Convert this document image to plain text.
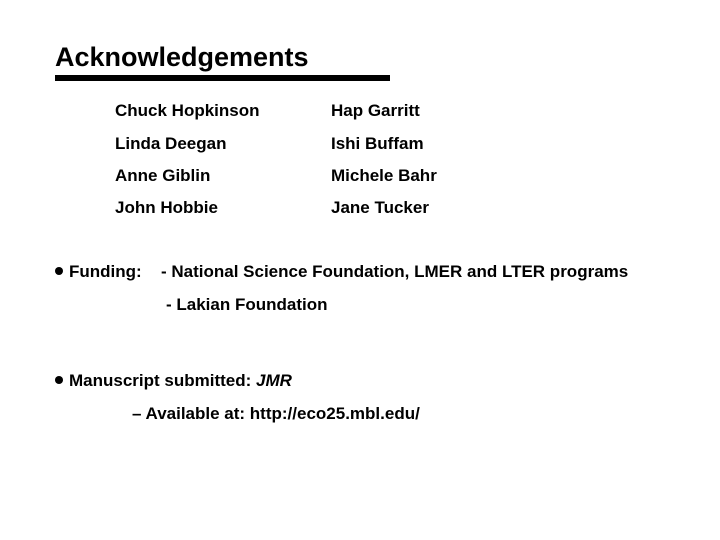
Acknowledgements
Chuck Hopkinson
Linda Deegan
Anne Giblin
John Hobbie
Hap Garritt
Ishi Buffam
Michele Bahr
Jane Tucker
Funding: - National Science Foundation, LMER and LTER programs
- Lakian Foundation
Manuscript submitted: JMR
– Available at: http://eco25.mbl.edu/
